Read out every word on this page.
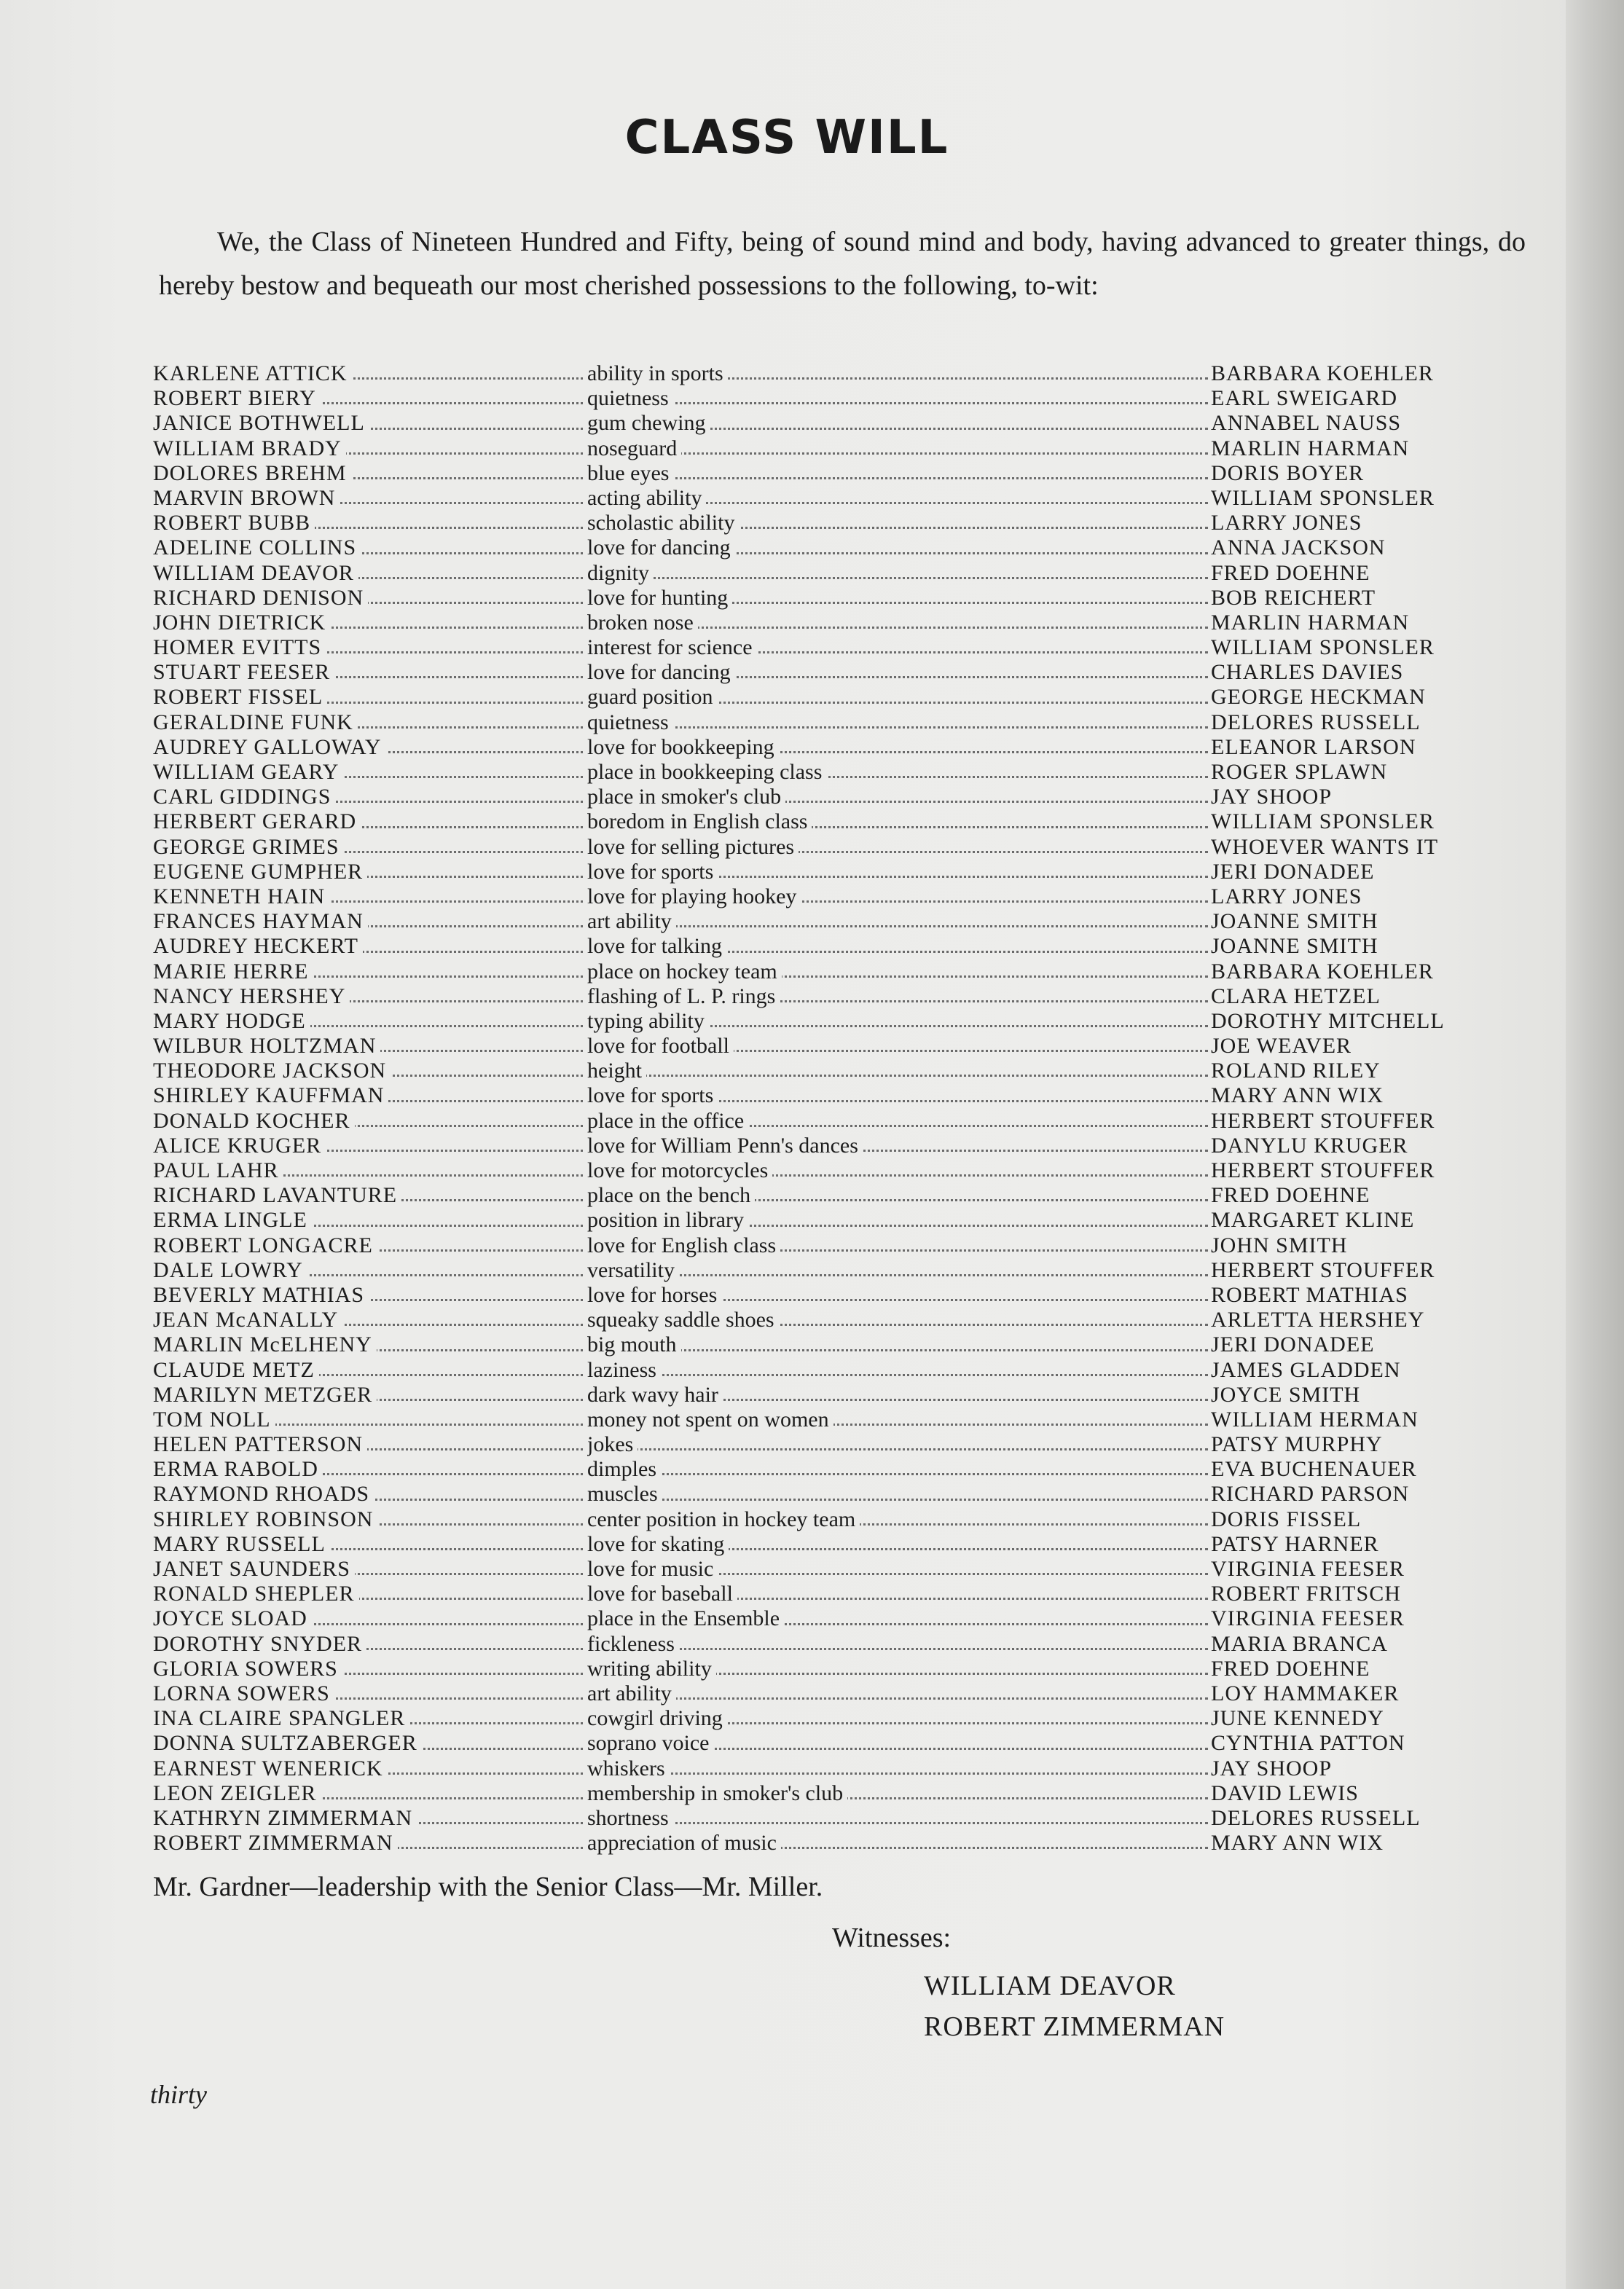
CLASS WILL

We, the Class of Nineteen Hundred and Fifty, being of sound mind and body, having advanced to greater things, do hereby bestow and bequeath our most cherished possessions to the following, to-wit:

KARLENE ATTICK	ability in sports	BARBARA KOEHLER
ROBERT BIERY	quietness	EARL SWEIGARD
JANICE BOTHWELL	gum chewing	ANNABEL NAUSS
WILLIAM BRADY	noseguard	MARLIN HARMAN
DOLORES BREHM	blue eyes	DORIS BOYER
MARVIN BROWN	acting ability	WILLIAM SPONSLER
ROBERT BUBB	scholastic ability	LARRY JONES
ADELINE COLLINS	love for dancing	ANNA JACKSON
WILLIAM DEAVOR	dignity	FRED DOEHNE
RICHARD DENISON	love for hunting	BOB REICHERT
JOHN DIETRICK	broken nose	MARLIN HARMAN
HOMER EVITTS	interest for science	WILLIAM SPONSLER
STUART FEESER	love for dancing	CHARLES DAVIES
ROBERT FISSEL	guard position	GEORGE HECKMAN
GERALDINE FUNK	quietness	DELORES RUSSELL
AUDREY GALLOWAY	love for bookkeeping	ELEANOR LARSON
WILLIAM GEARY	place in bookkeeping class	ROGER SPLAWN
CARL GIDDINGS	place in smoker's club	JAY SHOOP
HERBERT GERARD	boredom in English class	WILLIAM SPONSLER
GEORGE GRIMES	love for selling pictures	WHOEVER WANTS IT
EUGENE GUMPHER	love for sports	JERI DONADEE
KENNETH HAIN	love for playing hookey	LARRY JONES
FRANCES HAYMAN	art ability	JOANNE SMITH
AUDREY HECKERT	love for talking	JOANNE SMITH
MARIE HERRE	place on hockey team	BARBARA KOEHLER
NANCY HERSHEY	flashing of L. P. rings	CLARA HETZEL
MARY HODGE	typing ability	DOROTHY MITCHELL
WILBUR HOLTZMAN	love for football	JOE WEAVER
THEODORE JACKSON	height	ROLAND RILEY
SHIRLEY KAUFFMAN	love for sports	MARY ANN WIX
DONALD KOCHER	place in the office	HERBERT STOUFFER
ALICE KRUGER	love for William Penn's dances	DANYLU KRUGER
PAUL LAHR	love for motorcycles	HERBERT STOUFFER
RICHARD LAVANTURE	place on the bench	FRED DOEHNE
ERMA LINGLE	position in library	MARGARET KLINE
ROBERT LONGACRE	love for English class	JOHN SMITH
DALE LOWRY	versatility	HERBERT STOUFFER
BEVERLY MATHIAS	love for horses	ROBERT MATHIAS
JEAN McANALLY	squeaky saddle shoes	ARLETTA HERSHEY
MARLIN McELHENY	big mouth	JERI DONADEE
CLAUDE METZ	laziness	JAMES GLADDEN
MARILYN METZGER	dark wavy hair	JOYCE SMITH
TOM NOLL	money not spent on women	WILLIAM HERMAN
HELEN PATTERSON	jokes	PATSY MURPHY
ERMA RABOLD	dimples	EVA BUCHENAUER
RAYMOND RHOADS	muscles	RICHARD PARSON
SHIRLEY ROBINSON	center position in hockey team	DORIS FISSEL
MARY RUSSELL	love for skating	PATSY HARNER
JANET SAUNDERS	love for music	VIRGINIA FEESER
RONALD SHEPLER	love for baseball	ROBERT FRITSCH
JOYCE SLOAD	place in the Ensemble	VIRGINIA FEESER
DOROTHY SNYDER	fickleness	MARIA BRANCA
GLORIA SOWERS	writing ability	FRED DOEHNE
LORNA SOWERS	art ability	LOY HAMMAKER
INA CLAIRE SPANGLER	cowgirl driving	JUNE KENNEDY
DONNA SULTZABERGER	soprano voice	CYNTHIA PATTON
EARNEST WENERICK	whiskers	JAY SHOOP
LEON ZEIGLER	membership in smoker's club	DAVID LEWIS
KATHRYN ZIMMERMAN	shortness	DELORES RUSSELL
ROBERT ZIMMERMAN	appreciation of music	MARY ANN WIX

Mr. Gardner—leadership with the Senior Class—Mr. Miller.

Witnesses:

WILLIAM DEAVOR

ROBERT ZIMMERMAN

thirty
